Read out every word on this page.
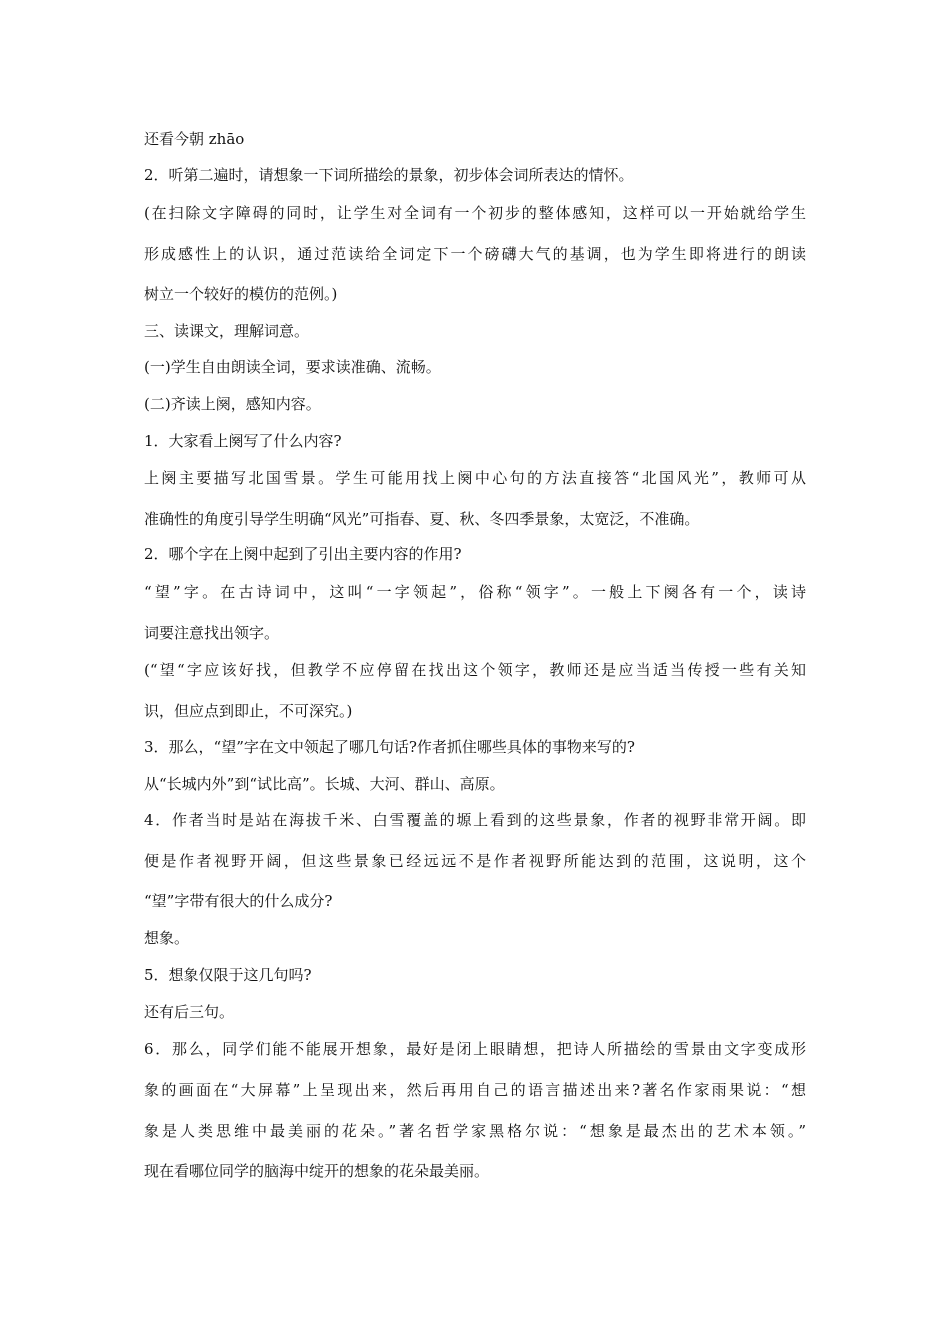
还看今朝 zhāo
2．听第二遍时，请想象一下词所描绘的景象，初步体会词所表达的情怀。
(在扫除文字障碍的同时，让学生对全词有一个初步的整体感知，这样可以一开始就给学生
形成感性上的认识，通过范读给全词定下一个磅礴大气的基调，也为学生即将进行的朗读
树立一个较好的模仿的范例。)
三、读课文，理解词意。
(一)学生自由朗读全词，要求读准确、流畅。
(二)齐读上阕，感知内容。
1．大家看上阕写了什么内容?
上阕主要描写北国雪景。学生可能用找上阕中心句的方法直接答“北国风光”，教师可从
准确性的角度引导学生明确“风光”可指春、夏、秋、冬四季景象，太宽泛，不准确。
2．哪个字在上阕中起到了引出主要内容的作用?
“望”字。在古诗词中，这叫“一字领起”，俗称“领字”。一般上下阕各有一个，读诗
词要注意找出领字。
(“望“字应该好找，但教学不应停留在找出这个领字，教师还是应当适当传授一些有关知
识，但应点到即止，不可深究。)
3．那么，“望”字在文中领起了哪几句话?作者抓住哪些具体的事物来写的?
从“长城内外”到“试比高”。长城、大河、群山、高原。
4．作者当时是站在海拔千米、白雪覆盖的塬上看到的这些景象，作者的视野非常开阔。即
便是作者视野开阔，但这些景象已经远远不是作者视野所能达到的范围，这说明，这个
“望”字带有很大的什么成分?
想象。
5．想象仅限于这几句吗?
还有后三句。
6．那么，同学们能不能展开想象，最好是闭上眼睛想，把诗人所描绘的雪景由文字变成形
象的画面在“大屏幕”上呈现出来，然后再用自己的语言描述出来?著名作家雨果说：“想
象是人类思维中最美丽的花朵。”著名哲学家黑格尔说：“想象是最杰出的艺术本领。”
现在看哪位同学的脑海中绽开的想象的花朵最美丽。
